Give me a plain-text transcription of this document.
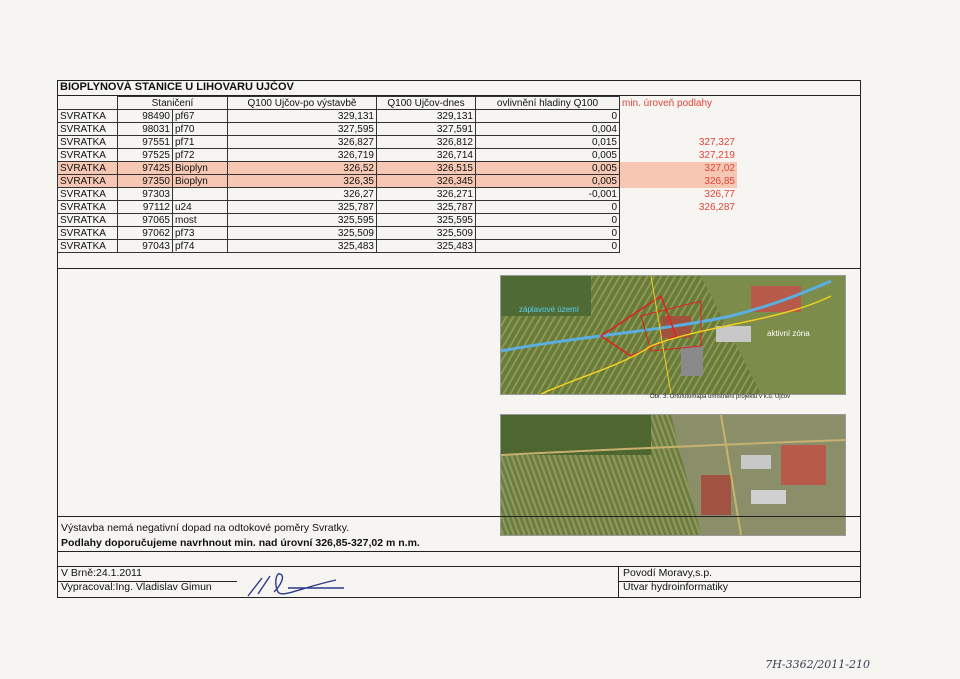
BIOPLYNOVÁ STANICE U LIHOVARU UJČOV
	Staničení		Q100 Ujčov-po výstavbě	Q100 Ujčov-dnes	ovlivnění hladiny Q100	min. úroveň podlahy
SVRATKA	98490	pf67	329,131	329,131	0	
SVRATKA	98031	pf70	327,595	327,591	0,004	
SVRATKA	97551	pf71	326,827	326,812	0,015	327,327
SVRATKA	97525	pf72	326,719	326,714	0,005	327,219
SVRATKA	97425	Bioplyn	326,52	326,515	0,005	327,02
SVRATKA	97350	Bioplyn	326,35	326,345	0,005	326,85
SVRATKA	97303		326,27	326,271	-0,001	326,77
SVRATKA	97112	u24	325,787	325,787	0	326,287
SVRATKA	97065	most	325,595	325,595	0	
SVRATKA	97062	pf73	325,509	325,509	0	
SVRATKA	97043	pf74	325,483	325,483	0	
záplavové území
aktivní zóna
Obr. 3: Ortofotomapa umístnění projektu v k.ú. Ujčov
Výstavba nemá negativní dopad na odtokové poměry Svratky.
Podlahy doporučujeme navrhnout min. nad úrovní 326,85-327,02 m n.m.
V Brně:24.1.2011
Vypracoval:Ing. Vladislav Gimun
Povodí Moravy,s.p.
Útvar hydroinformatiky
7H-3362/2011-210
